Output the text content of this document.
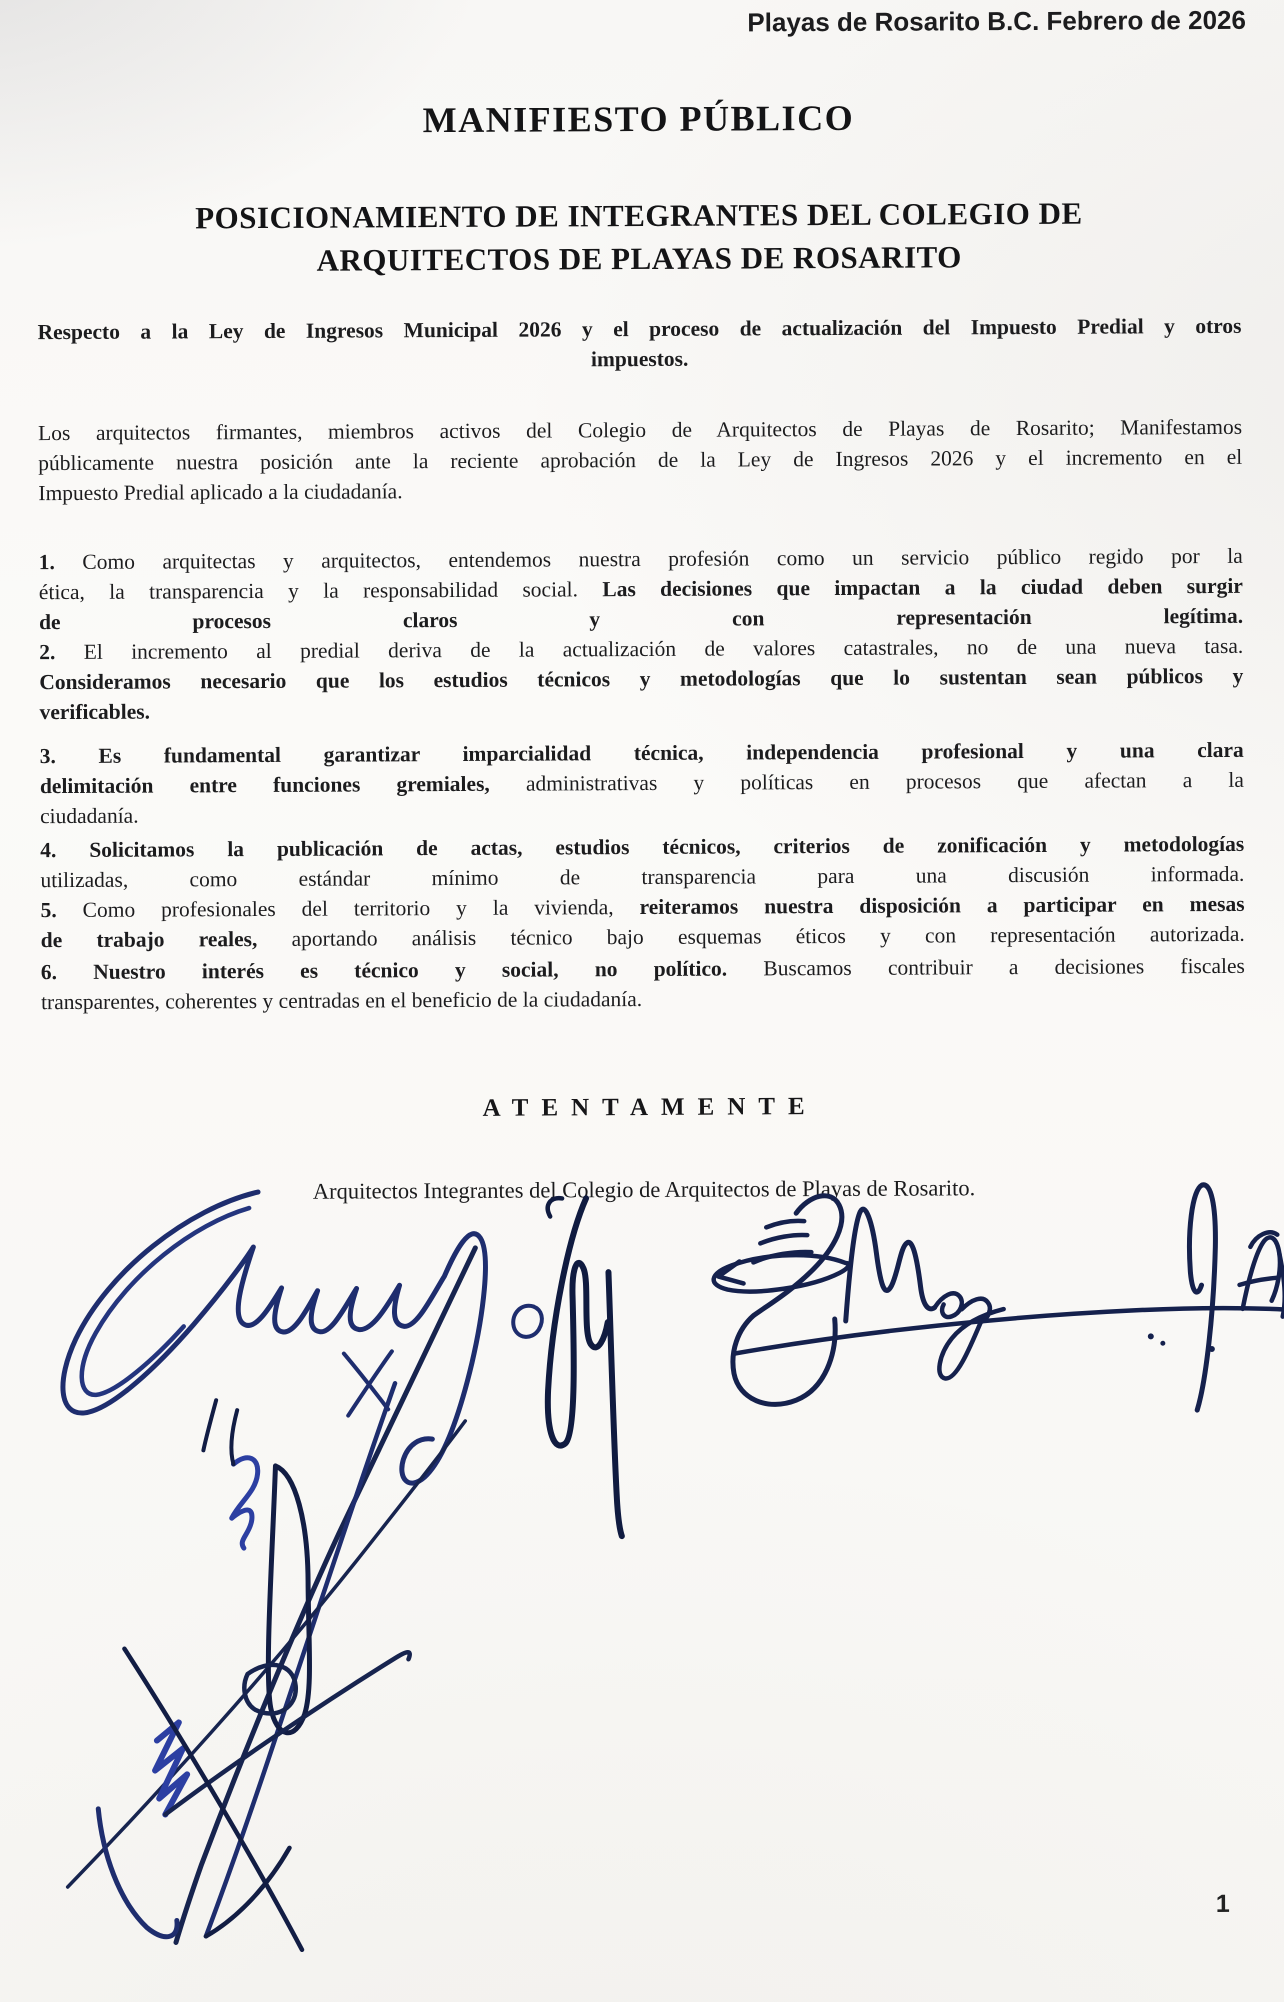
Playas de Rosarito B.C. Febrero de 2026
MANIFIESTO PÚBLICO
POSICIONAMIENTO DE INTEGRANTES DEL COLEGIO DE
ARQUITECTOS DE PLAYAS DE ROSARITO
Respecto a la Ley de Ingresos Municipal 2026 y el proceso de actualización del Impuesto Predial y otros
impuestos.
Los arquitectos firmantes, miembros activos del Colegio de Arquitectos de Playas de Rosarito; Manifestamos
públicamente nuestra posición ante la reciente aprobación de la Ley de Ingresos 2026 y el incremento en el
Impuesto Predial aplicado a la ciudadanía.
1. Como arquitectas y arquitectos, entendemos nuestra profesión como un servicio público regido por la
ética, la transparencia y la responsabilidad social. Las decisiones que impactan a la ciudad deben surgir
de procesos claros y con representación legítima.
2. El incremento al predial deriva de la actualización de valores catastrales, no de una nueva tasa.
Consideramos necesario que los estudios técnicos y metodologías que lo sustentan sean públicos y
verificables.
3. Es fundamental garantizar imparcialidad técnica, independencia profesional y una clara
delimitación entre funciones gremiales, administrativas y políticas en procesos que afectan a la
ciudadanía.
4. Solicitamos la publicación de actas, estudios técnicos, criterios de zonificación y metodologías
utilizadas, como estándar mínimo de transparencia para una discusión informada.
5. Como profesionales del territorio y la vivienda, reiteramos nuestra disposición a participar en mesas
de trabajo reales, aportando análisis técnico bajo esquemas éticos y con representación autorizada.
6. Nuestro interés es técnico y social, no político. Buscamos contribuir a decisiones fiscales
transparentes, coherentes y centradas en el beneficio de la ciudadanía.
ATENTAMENTE
Arquitectos Integrantes del Colegio de Arquitectos de Playas de Rosarito.
1
